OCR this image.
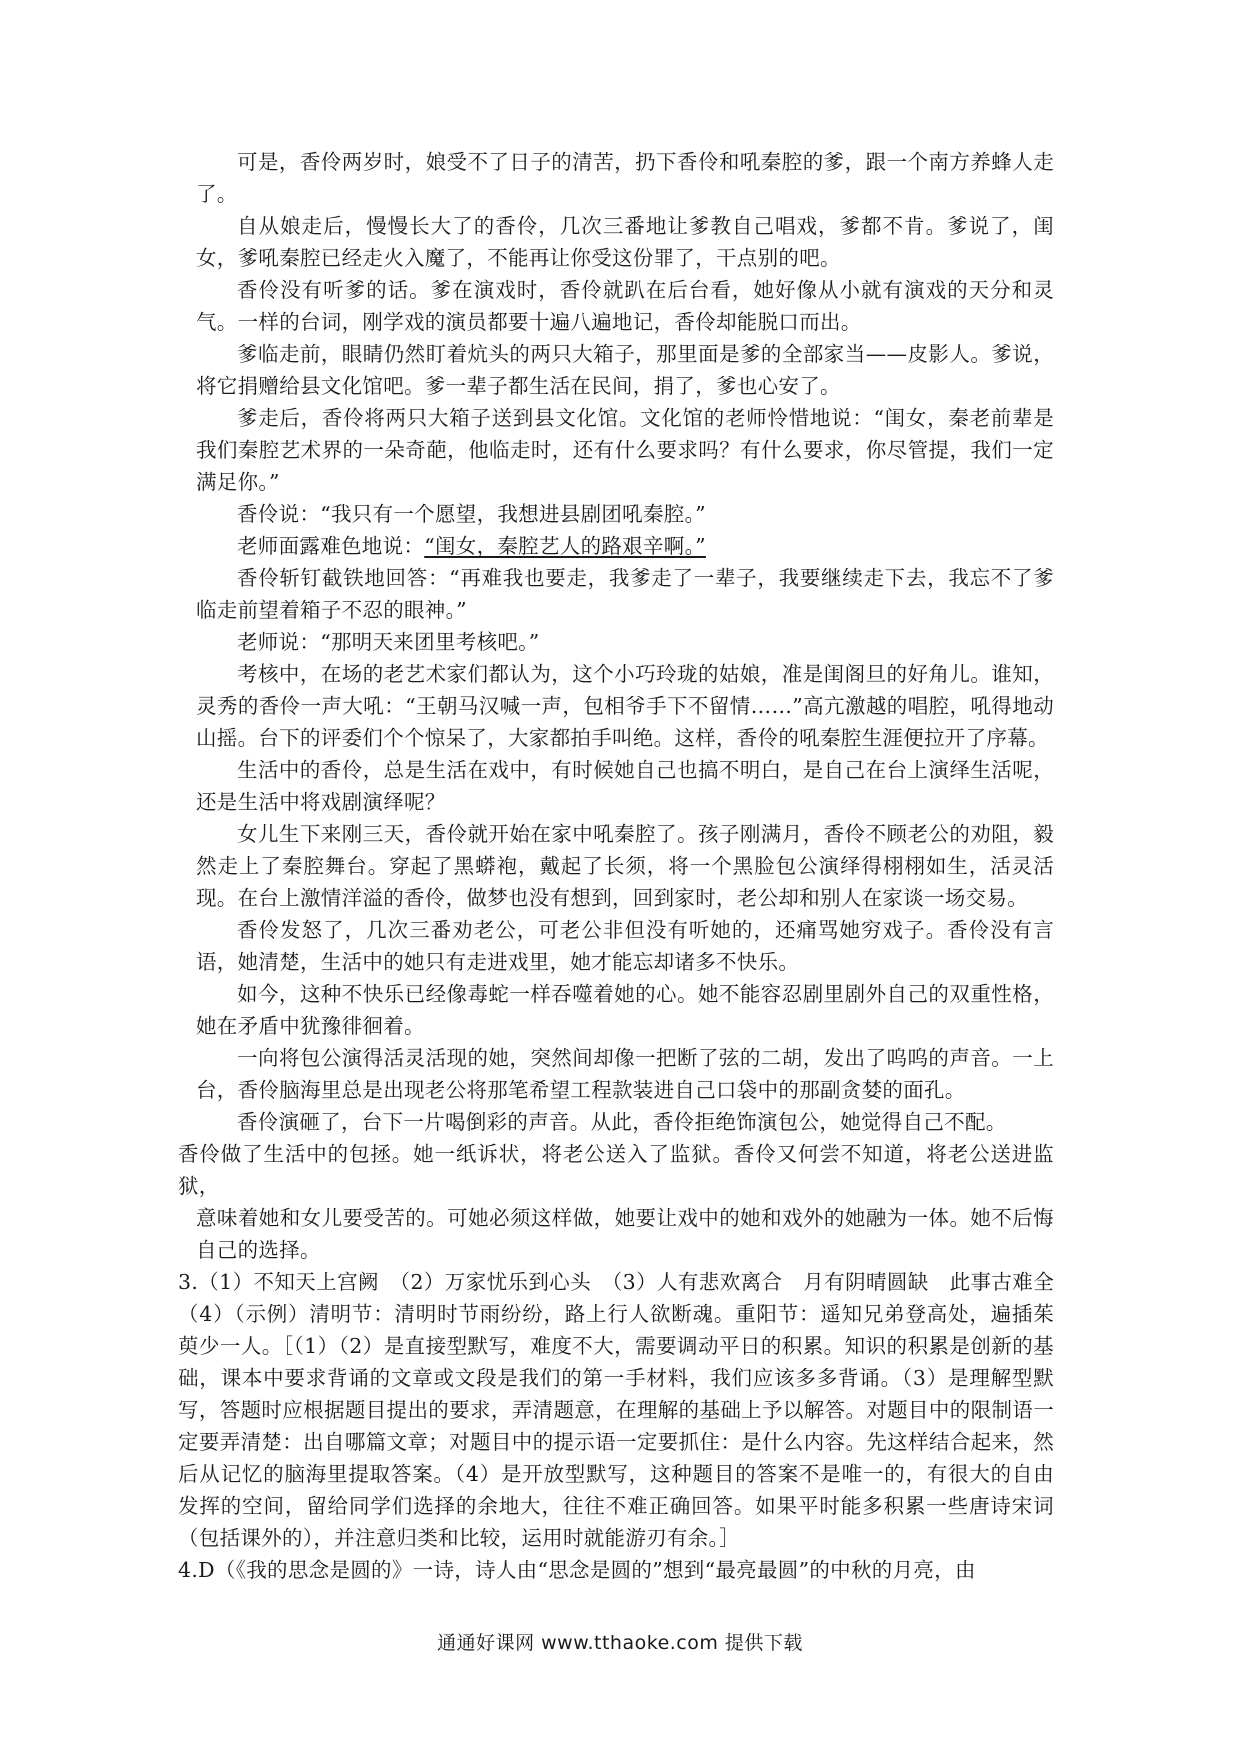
可是，香伶两岁时，娘受不了日子的清苦，扔下香伶和吼秦腔的爹，跟一个南方养蜂人走了。

自从娘走后，慢慢长大了的香伶，几次三番地让爹教自己唱戏，爹都不肯。爹说了，闺女，爹吼秦腔已经走火入魔了，不能再让你受这份罪了，干点别的吧。

香伶没有听爹的话。爹在演戏时，香伶就趴在后台看，她好像从小就有演戏的天分和灵气。一样的台词，刚学戏的演员都要十遍八遍地记，香伶却能脱口而出。

爹临走前，眼睛仍然盯着炕头的两只大箱子，那里面是爹的全部家当——皮影人。爹说，将它捐赠给县文化馆吧。爹一辈子都生活在民间，捐了，爹也心安了。

爹走后，香伶将两只大箱子送到县文化馆。文化馆的老师怜惜地说：“闺女，秦老前辈是我们秦腔艺术界的一朵奇葩，他临走时，还有什么要求吗？有什么要求，你尽管提，我们一定满足你。”

香伶说：“我只有一个愿望，我想进县剧团吼秦腔。”

老师面露难色地说：“闺女，秦腔艺人的路艰辛啊。”

香伶斩钉截铁地回答：“再难我也要走，我爹走了一辈子，我要继续走下去，我忘不了爹临走前望着箱子不忍的眼神。”

老师说：“那明天来团里考核吧。”

考核中，在场的老艺术家们都认为，这个小巧玲珑的姑娘，准是闺阁旦的好角儿。谁知，灵秀的香伶一声大吼：“王朝马汉喊一声，包相爷手下不留情……”高亢激越的唱腔，吼得地动山摇。台下的评委们个个惊呆了，大家都拍手叫绝。这样，香伶的吼秦腔生涯便拉开了序幕。

生活中的香伶，总是生活在戏中，有时候她自己也搞不明白，是自己在台上演绎生活呢，还是生活中将戏剧演绎呢？

女儿生下来刚三天，香伶就开始在家中吼秦腔了。孩子刚满月，香伶不顾老公的劝阻，毅然走上了秦腔舞台。穿起了黑蟒袍，戴起了长须，将一个黑脸包公演绎得栩栩如生，活灵活现。在台上激情洋溢的香伶，做梦也没有想到，回到家时，老公却和别人在家谈一场交易。

香伶发怒了，几次三番劝老公，可老公非但没有听她的，还痛骂她穷戏子。香伶没有言语，她清楚，生活中的她只有走进戏里，她才能忘却诸多不快乐。

如今，这种不快乐已经像毒蛇一样吞噬着她的心。她不能容忍剧里剧外自己的双重性格，她在矛盾中犹豫徘徊着。

一向将包公演得活灵活现的她，突然间却像一把断了弦的二胡，发出了呜呜的声音。一上台，香伶脑海里总是出现老公将那笔希望工程款装进自己口袋中的那副贪婪的面孔。

香伶演砸了，台下一片喝倒彩的声音。从此，香伶拒绝饰演包公，她觉得自己不配。

香伶做了生活中的包拯。她一纸诉状，将老公送入了监狱。香伶又何尝不知道，将老公送进监狱，

意味着她和女儿要受苦的。可她必须这样做，她要让戏中的她和戏外的她融为一体。她不后悔自己的选择。

3.（1）不知天上宫阙　（2）万家忧乐到心头　（3）人有悲欢离合　月有阴晴圆缺　此事古难全　（4）（示例）清明节：清明时节雨纷纷，路上行人欲断魂。重阳节：遥知兄弟登高处，遍插茱萸少一人。［（1）（2）是直接型默写，难度不大，需要调动平日的积累。知识的积累是创新的基础，课本中要求背诵的文章或文段是我们的第一手材料，我们应该多多背诵。（3）是理解型默写，答题时应根据题目提出的要求，弄清题意，在理解的基础上予以解答。对题目中的限制语一定要弄清楚：出自哪篇文章；对题目中的提示语一定要抓住：是什么内容。先这样结合起来，然后从记忆的脑海里提取答案。（4）是开放型默写，这种题目的答案不是唯一的，有很大的自由发挥的空间，留给同学们选择的余地大，往往不难正确回答。如果平时能多积累一些唐诗宋词（包括课外的），并注意归类和比较，运用时就能游刃有余。］

4.D（《我的思念是圆的》一诗，诗人由“思念是圆的”想到“最亮最圆”的中秋的月亮，由

通通好课网 www.tthaoke.com 提供下载
